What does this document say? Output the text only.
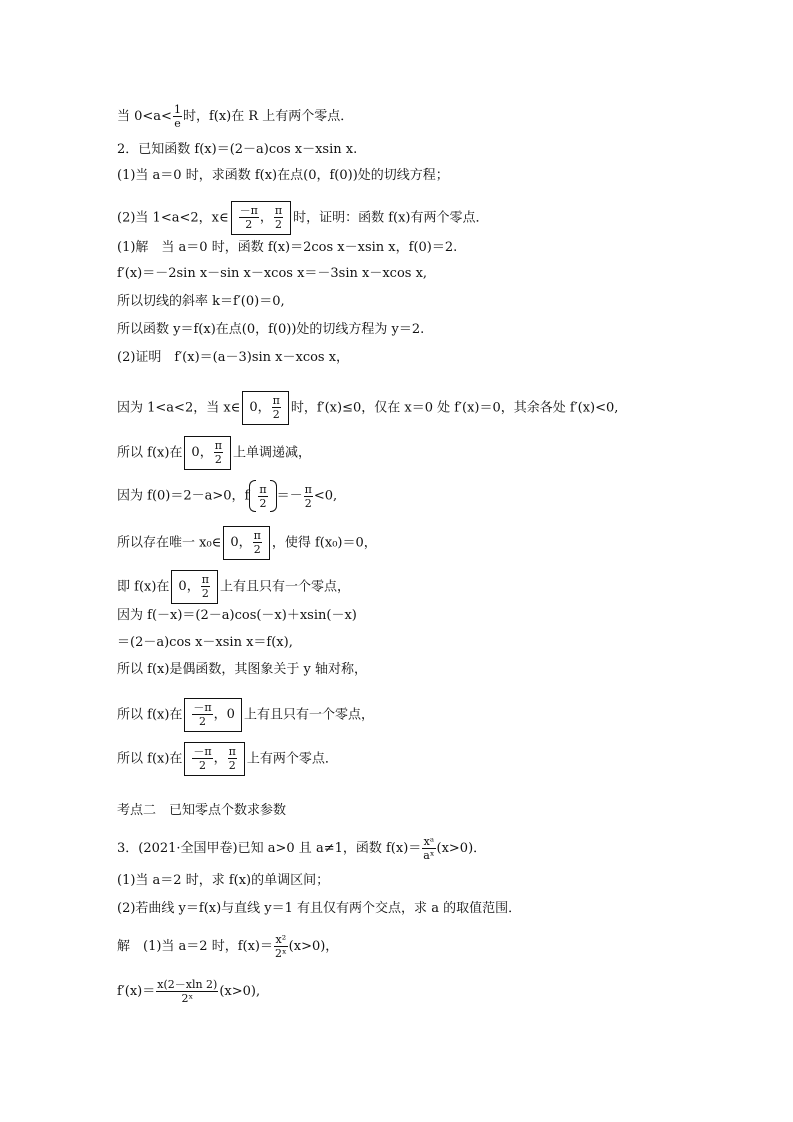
当 $0<a< \frac{1}{e}$ 时，f(x)在 R 上有两个零点．
2．已知函数 f(x)＝(2－a)cos x－xsin x.
(1)当 a＝0 时，求函数 f(x)在点(0，f(0))处的切线方程；
(2)当 1<a<2，x∈ $\frac{-\pi}{2}$ ， $\frac{\pi}{2}$ 时，证明：函数 f(x)有两个零点．
(1)解　当 a＝0 时，函数 f(x)＝2cos x－xsin x，f(0)＝2.
f′(x)＝－2sin x－sin x－xcos x＝－3sin x－xcos x,
所以切线的斜率 k＝f′(0)＝0,
所以函数 y＝f(x)在点(0，f(0))处的切线方程为 y＝2.
(2)证明　f′(x)＝(a－3)sin x－xcos x，
因为 1<a<2，当 x∈ 0， $\frac{\pi}{2}$ 时，f′(x)≤0，仅在 x＝0 处 f′(x)＝0，其余各处 f′(x)<0,
所以 f(x)在 0， $\frac{\pi}{2}$ 上单调递减，
因为 f(0)＝2－a>0，f $\frac{\pi}{2} =- \frac{\pi}{2} <0$,
所以存在唯一 x₀∈ 0， $\frac{\pi}{2}$ ，使得 f(x₀)＝0，
即 f(x)在 0， $\frac{\pi}{2}$ 上有且只有一个零点，
因为 f(－x)＝(2－a)cos(－x)＋xsin(－x)
＝(2－a)cos x－xsin x＝f(x),
所以 f(x)是偶函数，其图象关于 y 轴对称，
所以 f(x)在 $\frac{-\pi}{2}$ ，0 上有且只有一个零点，
所以 f(x)在 $\frac{-\pi}{2}$ ， $\frac{\pi}{2}$ 上有两个零点．
考点二　已知零点个数求参数
3．(2021·全国甲卷)已知 a>0 且 a≠1，函数 $f(x)= \frac{\text{xᵃ}}{\text{aˣ}} (x>0)$．
(1)当 a＝2 时，求 f(x)的单调区间；
(2)若曲线 y＝f(x)与直线 y＝1 有且仅有两个交点，求 a 的取值范围．
解　(1)当 a＝2 时，$f(x)= \frac{\text{x²}}{\text{2ˣ}} (x>0)$，
$f'(x)= \frac{x(2-xln 2)}{\text{2ˣ}} (x>0)$,
